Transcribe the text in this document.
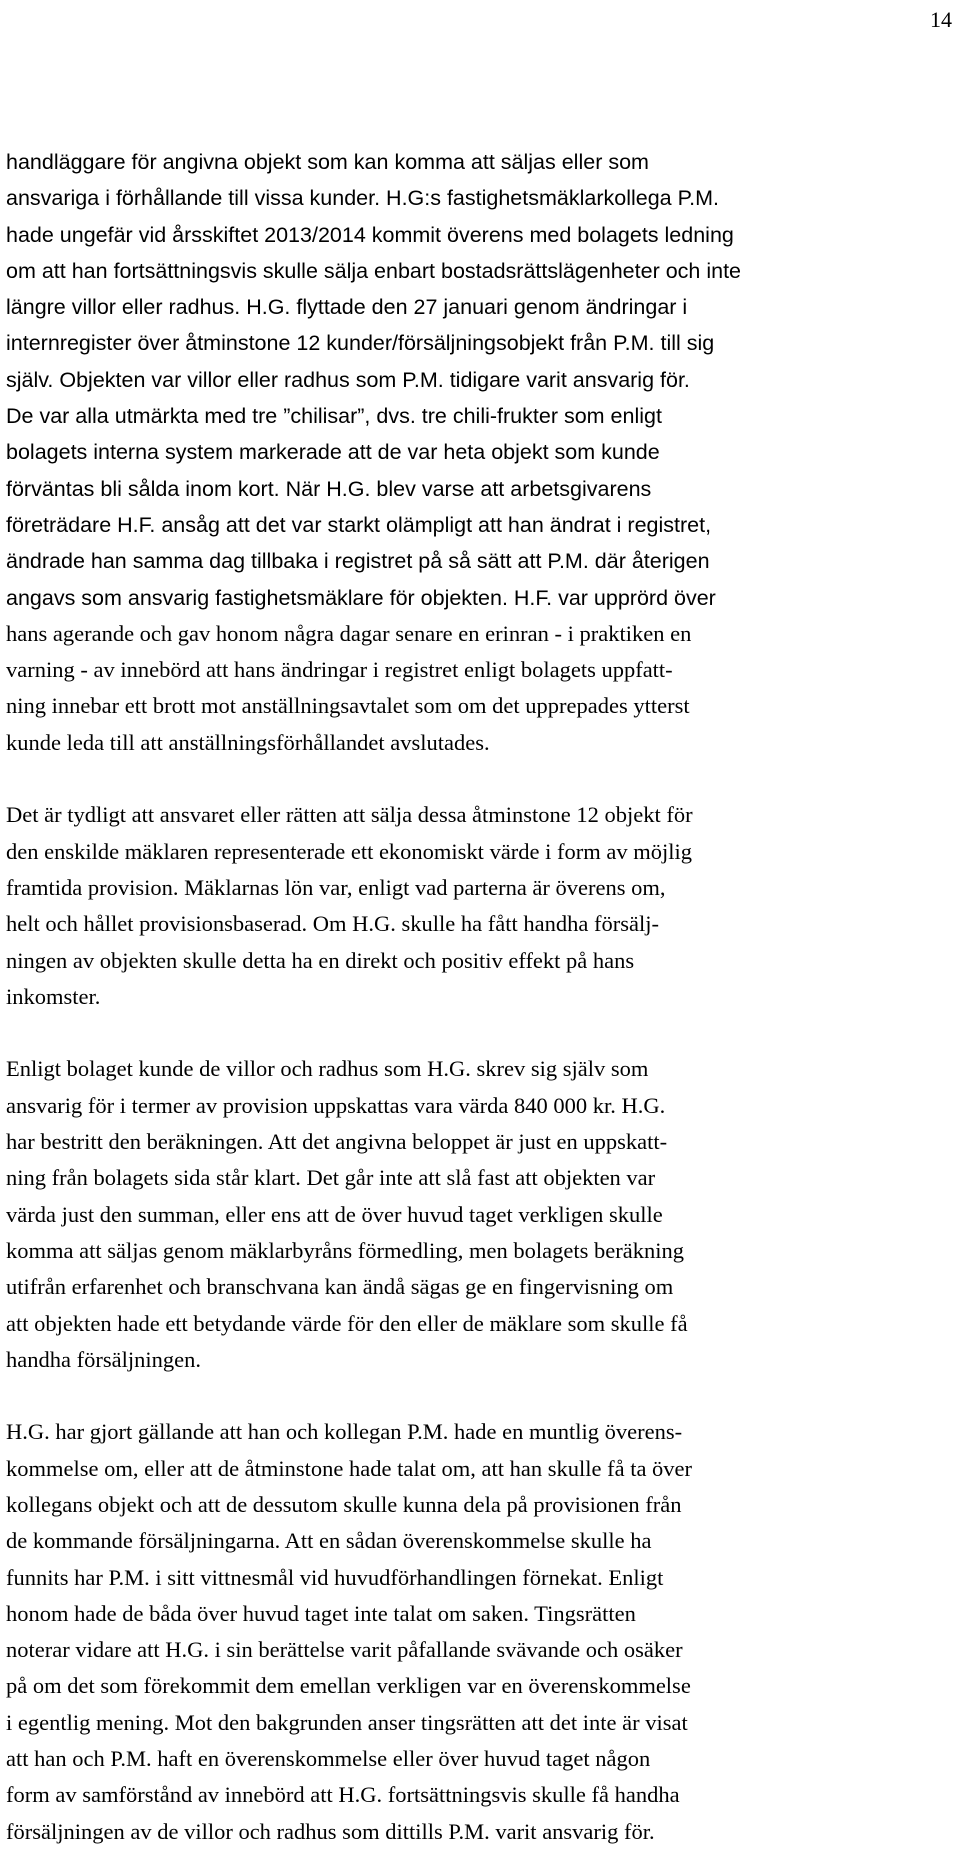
14
handläggare för angivna objekt som kan komma att säljas eller som
ansvariga i förhållande till vissa kunder. H.G:s fastighetsmäklarkollega P.M.
hade ungefär vid årsskiftet 2013/2014 kommit överens med bolagets ledning
om att han fortsättningsvis skulle sälja enbart bostadsrättslägenheter och inte
längre villor eller radhus. H.G. flyttade den 27 januari genom ändringar i
internregister över åtminstone 12 kunder/försäljningsobjekt från P.M. till sig
själv. Objekten var villor eller radhus som P.M. tidigare varit ansvarig för.
De var alla utmärkta med tre ”chilisar”, dvs. tre chili-frukter som enligt
bolagets interna system markerade att de var heta objekt som kunde
förväntas bli sålda inom kort. När H.G. blev varse att arbetsgivarens
företrädare H.F. ansåg att det var starkt olämpligt att han ändrat i registret,
ändrade han samma dag tillbaka i registret på så sätt att P.M. där återigen
angavs som ansvarig fastighetsmäklare för objekten. H.F. var upprörd över
hans agerande och gav honom några dagar senare en erinran - i praktiken en
varning - av innebörd att hans ändringar i registret enligt bolagets uppfatt-
ning innebar ett brott mot anställningsavtalet som om det upprepades ytterst
kunde leda till att anställningsförhållandet avslutades.
Det är tydligt att ansvaret eller rätten att sälja dessa åtminstone 12 objekt för
den enskilde mäklaren representerade ett ekonomiskt värde i form av möjlig
framtida provision. Mäklarnas lön var, enligt vad parterna är överens om,
helt och hållet provisionsbaserad. Om H.G. skulle ha fått handha försälj-
ningen av objekten skulle detta ha en direkt och positiv effekt på hans
inkomster.
Enligt bolaget kunde de villor och radhus som H.G. skrev sig själv som
ansvarig för i termer av provision uppskattas vara värda 840 000 kr. H.G.
har bestritt den beräkningen. Att det angivna beloppet är just en uppskatt-
ning från bolagets sida står klart. Det går inte att slå fast att objekten var
värda just den summan, eller ens att de över huvud taget verkligen skulle
komma att säljas genom mäklarbyråns förmedling, men bolagets beräkning
utifrån erfarenhet och branschvana kan ändå sägas ge en fingervisning om
att objekten hade ett betydande värde för den eller de mäklare som skulle få
handha försäljningen.
H.G. har gjort gällande att han och kollegan P.M. hade en muntlig överens-
kommelse om, eller att de åtminstone hade talat om, att han skulle få ta över
kollegans objekt och att de dessutom skulle kunna dela på provisionen från
de kommande försäljningarna. Att en sådan överenskommelse skulle ha
funnits har P.M. i sitt vittnesmål vid huvudförhandlingen förnekat. Enligt
honom hade de båda över huvud taget inte talat om saken. Tingsrätten
noterar vidare att H.G. i sin berättelse varit påfallande svävande och osäker
på om det som förekommit dem emellan verkligen var en överenskommelse
i egentlig mening. Mot den bakgrunden anser tingsrätten att det inte är visat
att han och P.M. haft en överenskommelse eller över huvud taget någon
form av samförstånd av innebörd att H.G. fortsättningsvis skulle få handha
försäljningen av de villor och radhus som dittills P.M. varit ansvarig för.
